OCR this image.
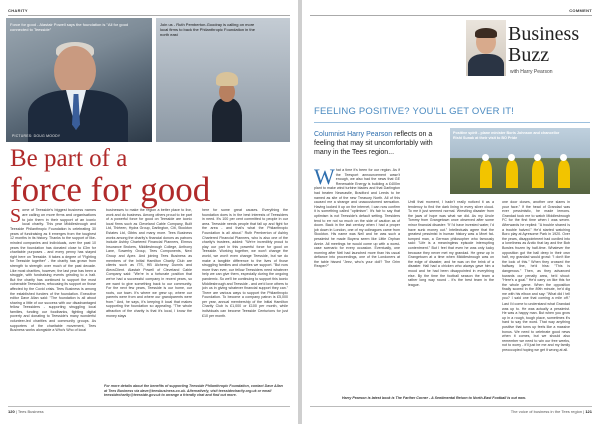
CHARITY
Force for good - Alastair Powell says the foundation is "All for good connected to Teesside"
PICTURES: DOUG MOODY
Join us - Ruth Pemberton-Goodray is calling on more local firms to back the Philanthropic Foundation in the north east
Be part of a
force for good
Some of Teesside's biggest business names are calling on more firms and organisations to join them in their support of an iconic local charity. This year Middlesbrough and Teesside Philanthropic Foundation is celebrating 30 years of fundraising as it emerges from the toughest 12 months in its history. Thanks to the support of like-minded companies and individuals, over the past 10 years the foundation has donated close to £3m for charitable purposes - and every penny has stayed right here on Teesside. It takes a degree of "Fighting for Teesside together" - the charity has grown from strength to strength over much of the past decade. Like most charities, however, the last year has been a struggle, with fundraising events grinding to a halt. But the charity has continued to support the most vulnerable Teessiders, refocusing its support on those affected by the Covid crisis. Tees Business is among the established funders of the foundation. Executive editor Dave Allan said: "The foundation is all about sharing a little of our success with our disadvantaged fellow Teessiders - supporting struggling local families, funding our foodbanks, fighting digital poverty and donating to Teesside's many wonderful volunteer-led charities and community groups. As supporters of the charitable movement, Tees Business works alongside a Who's Who of local
businesses to make the region a better place to live, work and do business. Among others proud to be part of a powerful force for good on Teesside are iconic local firms such as Cleveland Cable Company, Built Ltd, Thirteen, Hydra Group, Darlington, Citi, Stockton Estates Ltd, Gibbs and many more. Tees Business works among the charity's financial donors as patrons include Ashby Chartered Financial Planners, Elmrus Insurance Brokers, Middlesbrough College, Anthony Lane, Sowerby Group, Tees Components, Nexi Group and Apex. And joining Tees Business as members of the Initial Hamilton Charity Club are clients such as ITS, HB Alchemy Dunnis and AlecsClient. Alastair Powell of Cleveland Cable Company said: "We're in a fortunate position that we've had a successful company in recent years, so we want to give something back to our community. For the next few years, Teesside is our home, our roots, our town. It's where we grew up, where our parents were from and where our grandparents were from." And, he says, it's keeping it local that makes supporting the foundation so appealing. "The whole attraction of the charity is that it's local, I know the money stays
here for some great causes. Everything the foundation does is in the best interests of Teessiders in need. It's 100 per cent committed to people in our area. Teesside needs people that fall up and fight for the area - and that's what the Philanthropic Foundation is all about." Ruth Pemberton of Ashby Chartered Financial Planners, who is also one of the charity's trustees, added: "We're incredibly proud to play our part in this powerful force for good on Teesside. Working together, we won't change the world, we won't even change Teesside, but we do make a tangible difference to the lives of those struggling families and charities we support. "But now more than ever, our fellow Teessiders need whatever help we can give them, especially during the ongoing pandemic. So we'll be continuing to support this iconic Middlesbrough and Teesside - and we'd love others to join us in giving whatever financial support they can." There are various ways to support the Philanthropic Foundation. To become a company patron is £5,000 per year, annual membership of the Initial Hamilton Charity Club is £1,000 or £100 per month, while individuals can become Teesside Centurions for just £10 per month.
For more details about the benefits of supporting Teesside Philanthropic Foundation, contact Dave Allan at Tees Business via dave@teesbusiness.co.uk. Alternatively, visit teessidecharity.org.uk or email teessidecharity@teesside.gov.uk to arrange a friendly chat and find out more.
120 | Tees Business
COMMENT
Business
Buzz
with Harry Pearson
FEELING POSITIVE? YOU'LL GET OVER IT!
Columnist Harry Pearson reflects on a feeling that may sit uncomfortably with many in the Tees region...
Positive spirit - plane minister Boris Johnson and chancellor Rishi Sunak at their visit to BO Pride
What a time it's been for our region. As if the Teesport announcement wasn't enough, we also had the news that GE Renewable Energy is building a £400m plant to make wind turbine blades and that Darlington had beaten Newcastle, Bradford and Leeds to be named as site of the new Treasury North. All of this caused me a strange and unaccustomed sensation. Having looked it up on the internet, I can now confirm it is something called "optimism". It's fair to say that optimism is not Teesside's default setting. Teesiders tend to err not so much on the side of caution as of doom. Back in the last century when I had a proper job down in London, one of my colleagues came from Stockton. His name was Neil and he was such a pessimist he made Boyera seem like Little Orphan Annie. All meetings he would come up with a worst-case scenario for every occasion. Eventually, one morning after Neil had launched more than his usual defiance into proceedings, one of the Londoners at the table hissed "Jeez, who's your doll? The Grim Reaper?"
Until that moment, I hadn't really noticed it as a tendency to find the dark lining in every silver cloud. To me it just seemed normal. Wrestling disaster from the jaws of hope was what we did. As my Uncle Tommy from Grangetown once observed after some minor financial disaster: "If I'd have invested water, I'd have sunk money out." Intellectuals agree that the greatest pessimist in human history was a Mnet fat-tumped man, a German philosopher who famously said: "Life is a meaningless episode interrupting contentment." But I feel that even he was only lucky because they never met my grandad. He grew up in Grangetown at a time when Middlesbrough was on the edge of disaster, and he was on the brink of a disaster. Hall had a chicken who always gave him a mood and he had been disappointed in everything else. By the time the football season the team a rather long way round - it's the best team in the league.
one door closes, another one slams in your face." If the head of Grandad was ever pessimistic, he made lemons. Grandad took me to watch Middlesbrough FC for the first time when I was seven. Afterwards he replied: "A trouble shared is a trouble halved." He'd started watching Boro play at Ayresome Park in 1920. Over the years, disappointment had curdled into a loneliness as Arctic that lay and the Bob Bowles frozen by half-time. Whatever the opposition got the ball deep in their own half, my grandad would growl: "I don't like the look of this." When they crossed the halfway line, he'd hiss: "This is dangerous." Then, as they advanced towards our penalty area, he'd shout: "Here's a goal." He'd carry on like this for the whole game. When the opposition finally scored in the 89th minute, he'd dig me with his elbow and say: "What did I tell you? I said one that coming a mile off."
Last I'd come to understand what Grandad was up to. He was actually a pessimist. He was a happy man. But when you grow up in a rough, tough place, sometimes it's hard to say the word. That way anything positive that turns up feels like a massive bonus. We need to celebrate good news when it comes, but we should also remember we need to win our free weeks, not to worry - it'll just be me and my family preoccupied hoping we get it wrong at all.
Harry Pearson is latest book is The Farther Corner - A Sentimental Return to North-East Football is out now.
The voice of business in the Tees region | 121
